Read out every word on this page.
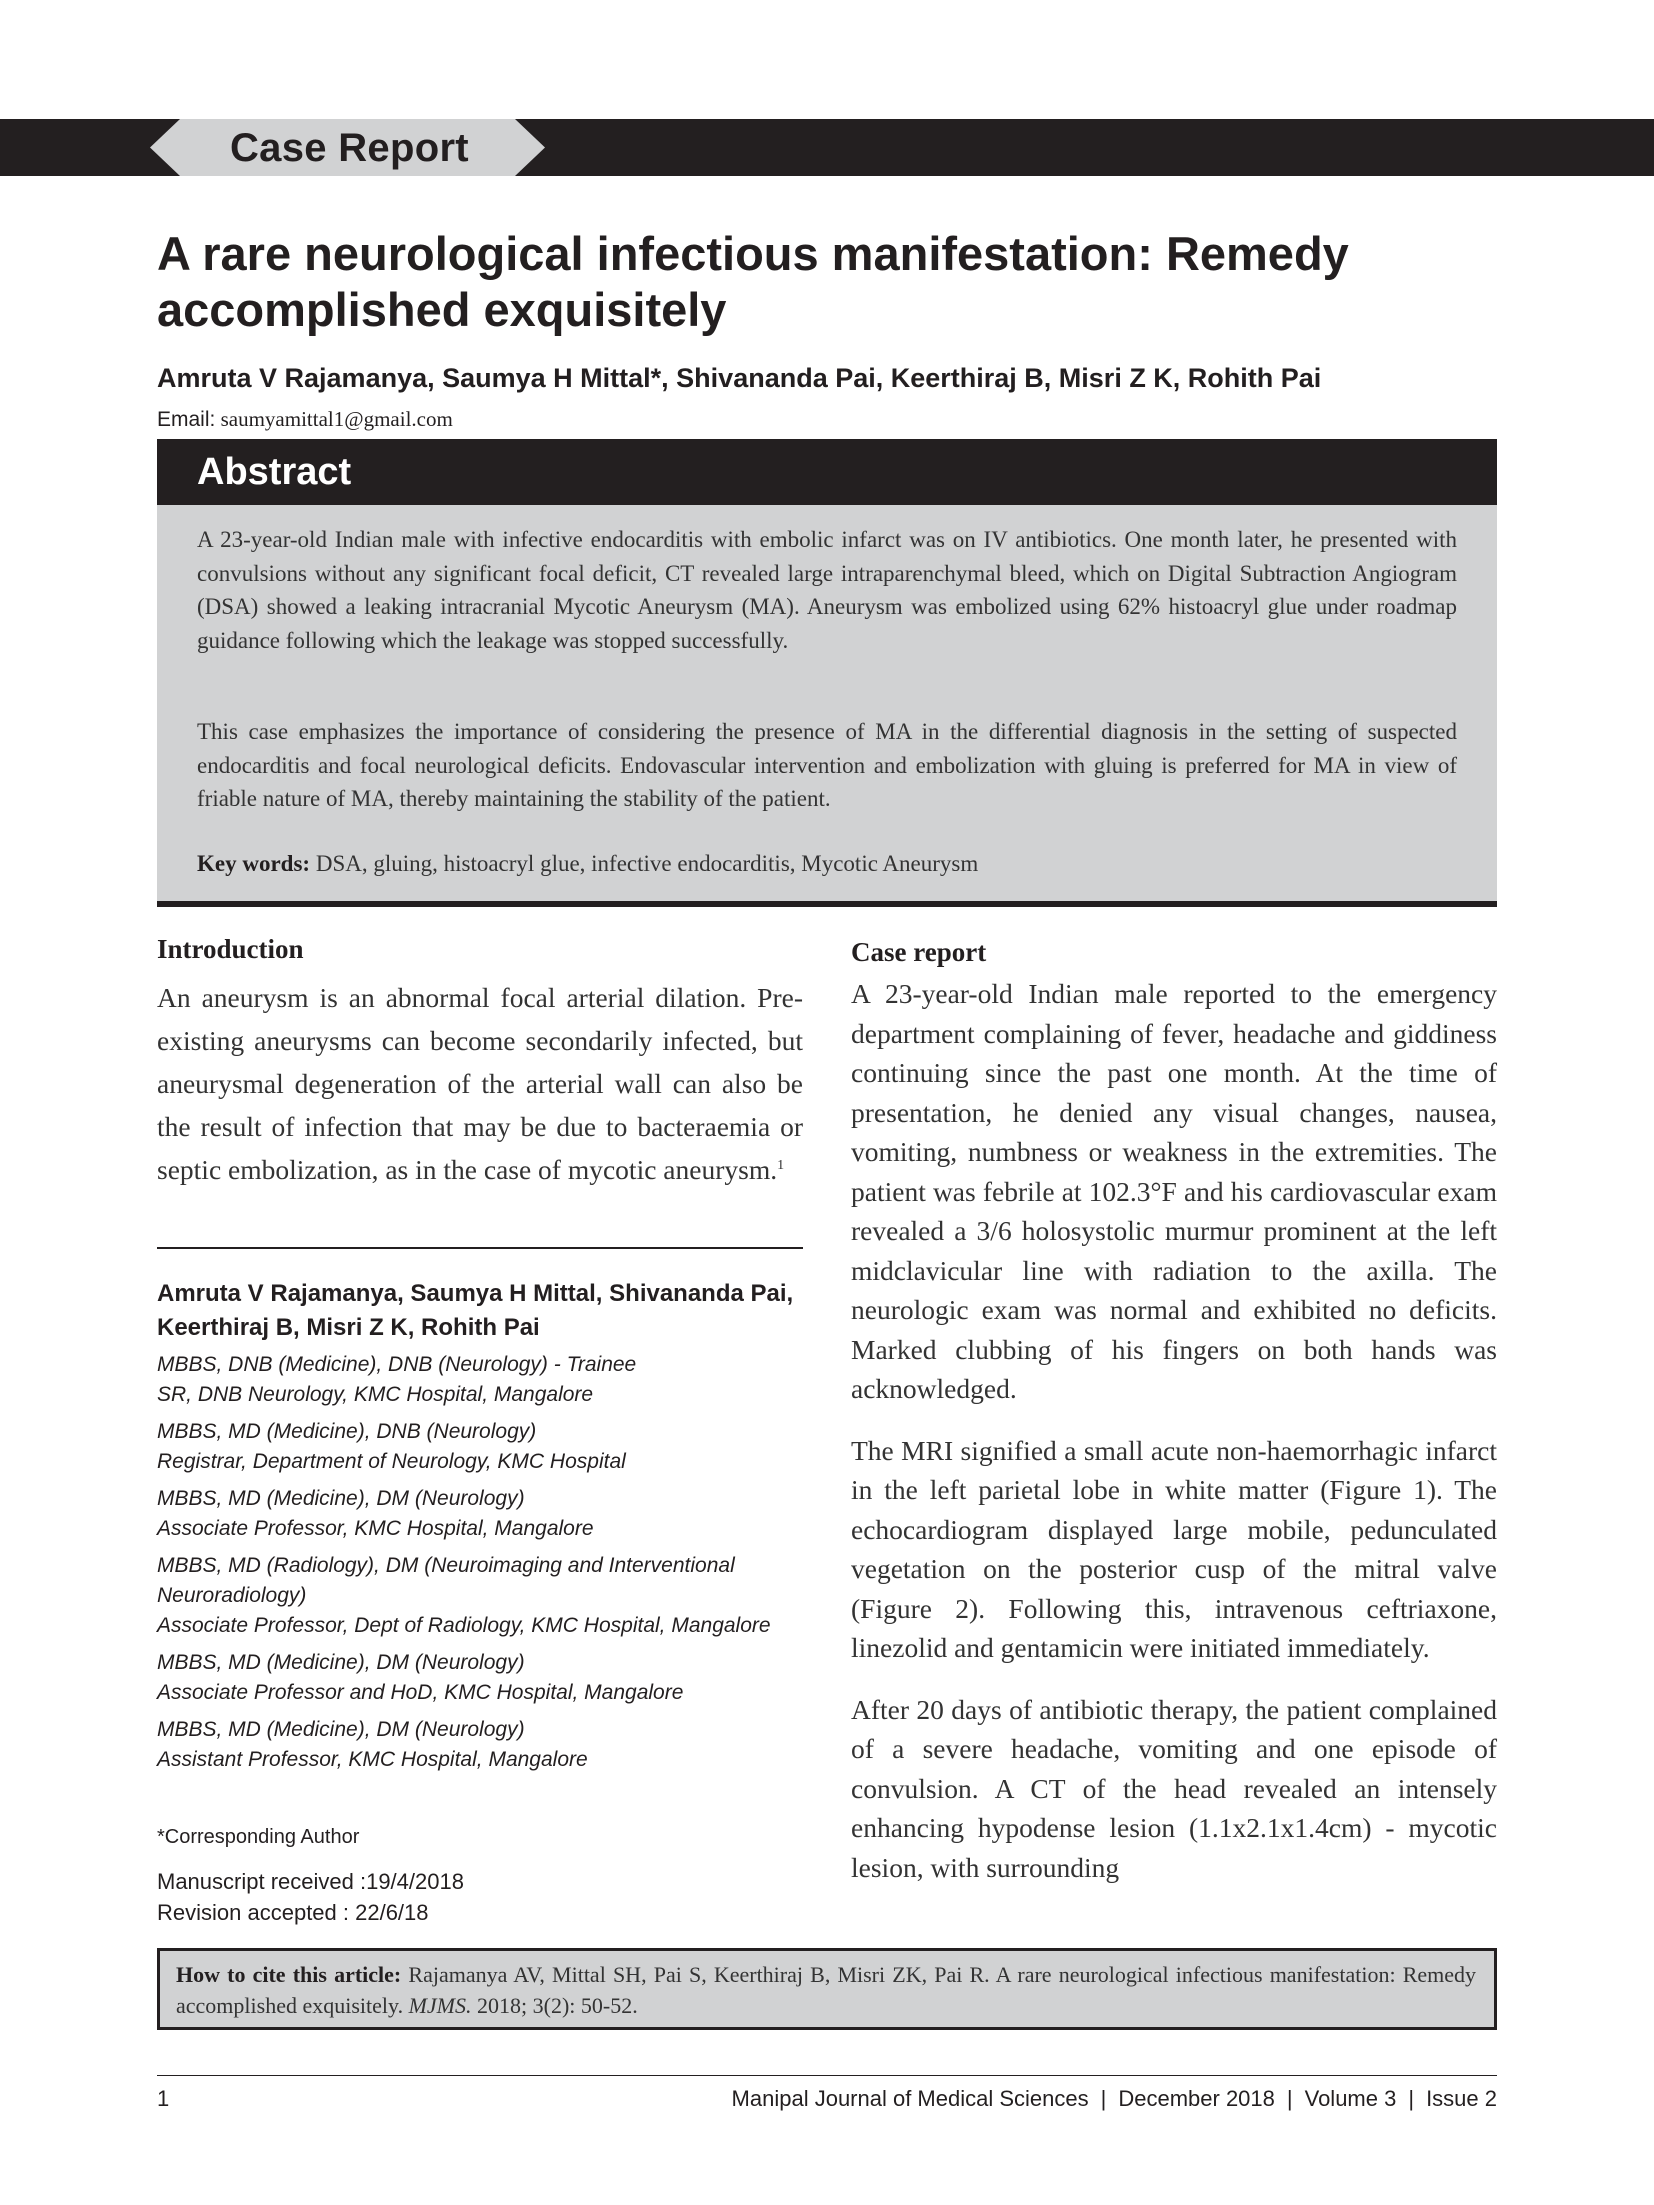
Case Report
A rare neurological infectious manifestation: Remedy accomplished exquisitely
Amruta V Rajamanya, Saumya H Mittal*, Shivananda Pai, Keerthiraj B, Misri Z K, Rohith Pai
Email: saumyamittal1@gmail.com
Abstract
A 23-year-old Indian male with infective endocarditis with embolic infarct was on IV antibiotics. One month later, he presented with convulsions without any significant focal deficit, CT revealed large intraparenchymal bleed, which on Digital Subtraction Angiogram (DSA) showed a leaking intracranial Mycotic Aneurysm (MA). Aneurysm was embolized using 62% histoacryl glue under roadmap guidance following which the leakage was stopped successfully.
This case emphasizes the importance of considering the presence of MA in the differential diagnosis in the setting of suspected endocarditis and focal neurological deficits. Endovascular intervention and embolization with gluing is preferred for MA in view of friable nature of MA, thereby maintaining the stability of the patient.
Key words: DSA, gluing, histoacryl glue, infective endocarditis, Mycotic Aneurysm
Introduction
An aneurysm is an abnormal focal arterial dilation. Pre-existing aneurysms can become secondarily infected, but aneurysmal degeneration of the arterial wall can also be the result of infection that may be due to bacteraemia or septic embolization, as in the case of mycotic aneurysm.$^1$
Amruta V Rajamanya, Saumya H Mittal, Shivananda Pai, Keerthiraj B, Misri Z K, Rohith Pai
MBBS, DNB (Medicine), DNB (Neurology) - Trainee
SR, DNB Neurology, KMC Hospital, Mangalore
MBBS, MD (Medicine), DNB (Neurology)
Registrar, Department of Neurology, KMC Hospital
MBBS, MD (Medicine), DM (Neurology)
Associate Professor, KMC Hospital, Mangalore
MBBS, MD (Radiology), DM (Neuroimaging and Interventional Neuroradiology)
Associate Professor, Dept of Radiology, KMC Hospital, Mangalore
MBBS, MD (Medicine), DM (Neurology)
Associate Professor and HoD, KMC Hospital, Mangalore
MBBS, MD (Medicine), DM (Neurology)
Assistant Professor, KMC Hospital, Mangalore
*Corresponding Author
Manuscript received :19/4/2018
Revision accepted : 22/6/18
Case report

A 23-year-old Indian male reported to the emergency department complaining of fever, headache and giddiness continuing since the past one month. At the time of presentation, he denied any visual changes, nausea, vomiting, numbness or weakness in the extremities. The patient was febrile at 102.3°F and his cardiovascular exam revealed a 3/6 holosystolic murmur prominent at the left midclavicular line with radiation to the axilla. The neurologic exam was normal and exhibited no deficits. Marked clubbing of his fingers on both hands was acknowledged.

The MRI signified a small acute non-haemorrhagic infarct in the left parietal lobe in white matter (Figure 1). The echocardiogram displayed large mobile, pedunculated vegetation on the posterior cusp of the mitral valve (Figure 2). Following this, intravenous ceftriaxone, linezolid and gentamicin were initiated immediately.

After 20 days of antibiotic therapy, the patient complained of a severe headache, vomiting and one episode of convulsion. A CT of the head revealed an intensely enhancing hypodense lesion (1.1x2.1x1.4cm) - mycotic lesion, with surrounding

How to cite this article: Rajamanya AV, Mittal SH, Pai S, Keerthiraj B, Misri ZK, Pai R. A rare neurological infectious manifestation: Remedy accomplished exquisitely. MJMS. 2018; 3(2): 50-52.
1	Manipal Journal of Medical Sciences | December 2018 | Volume 3 | Issue 2
